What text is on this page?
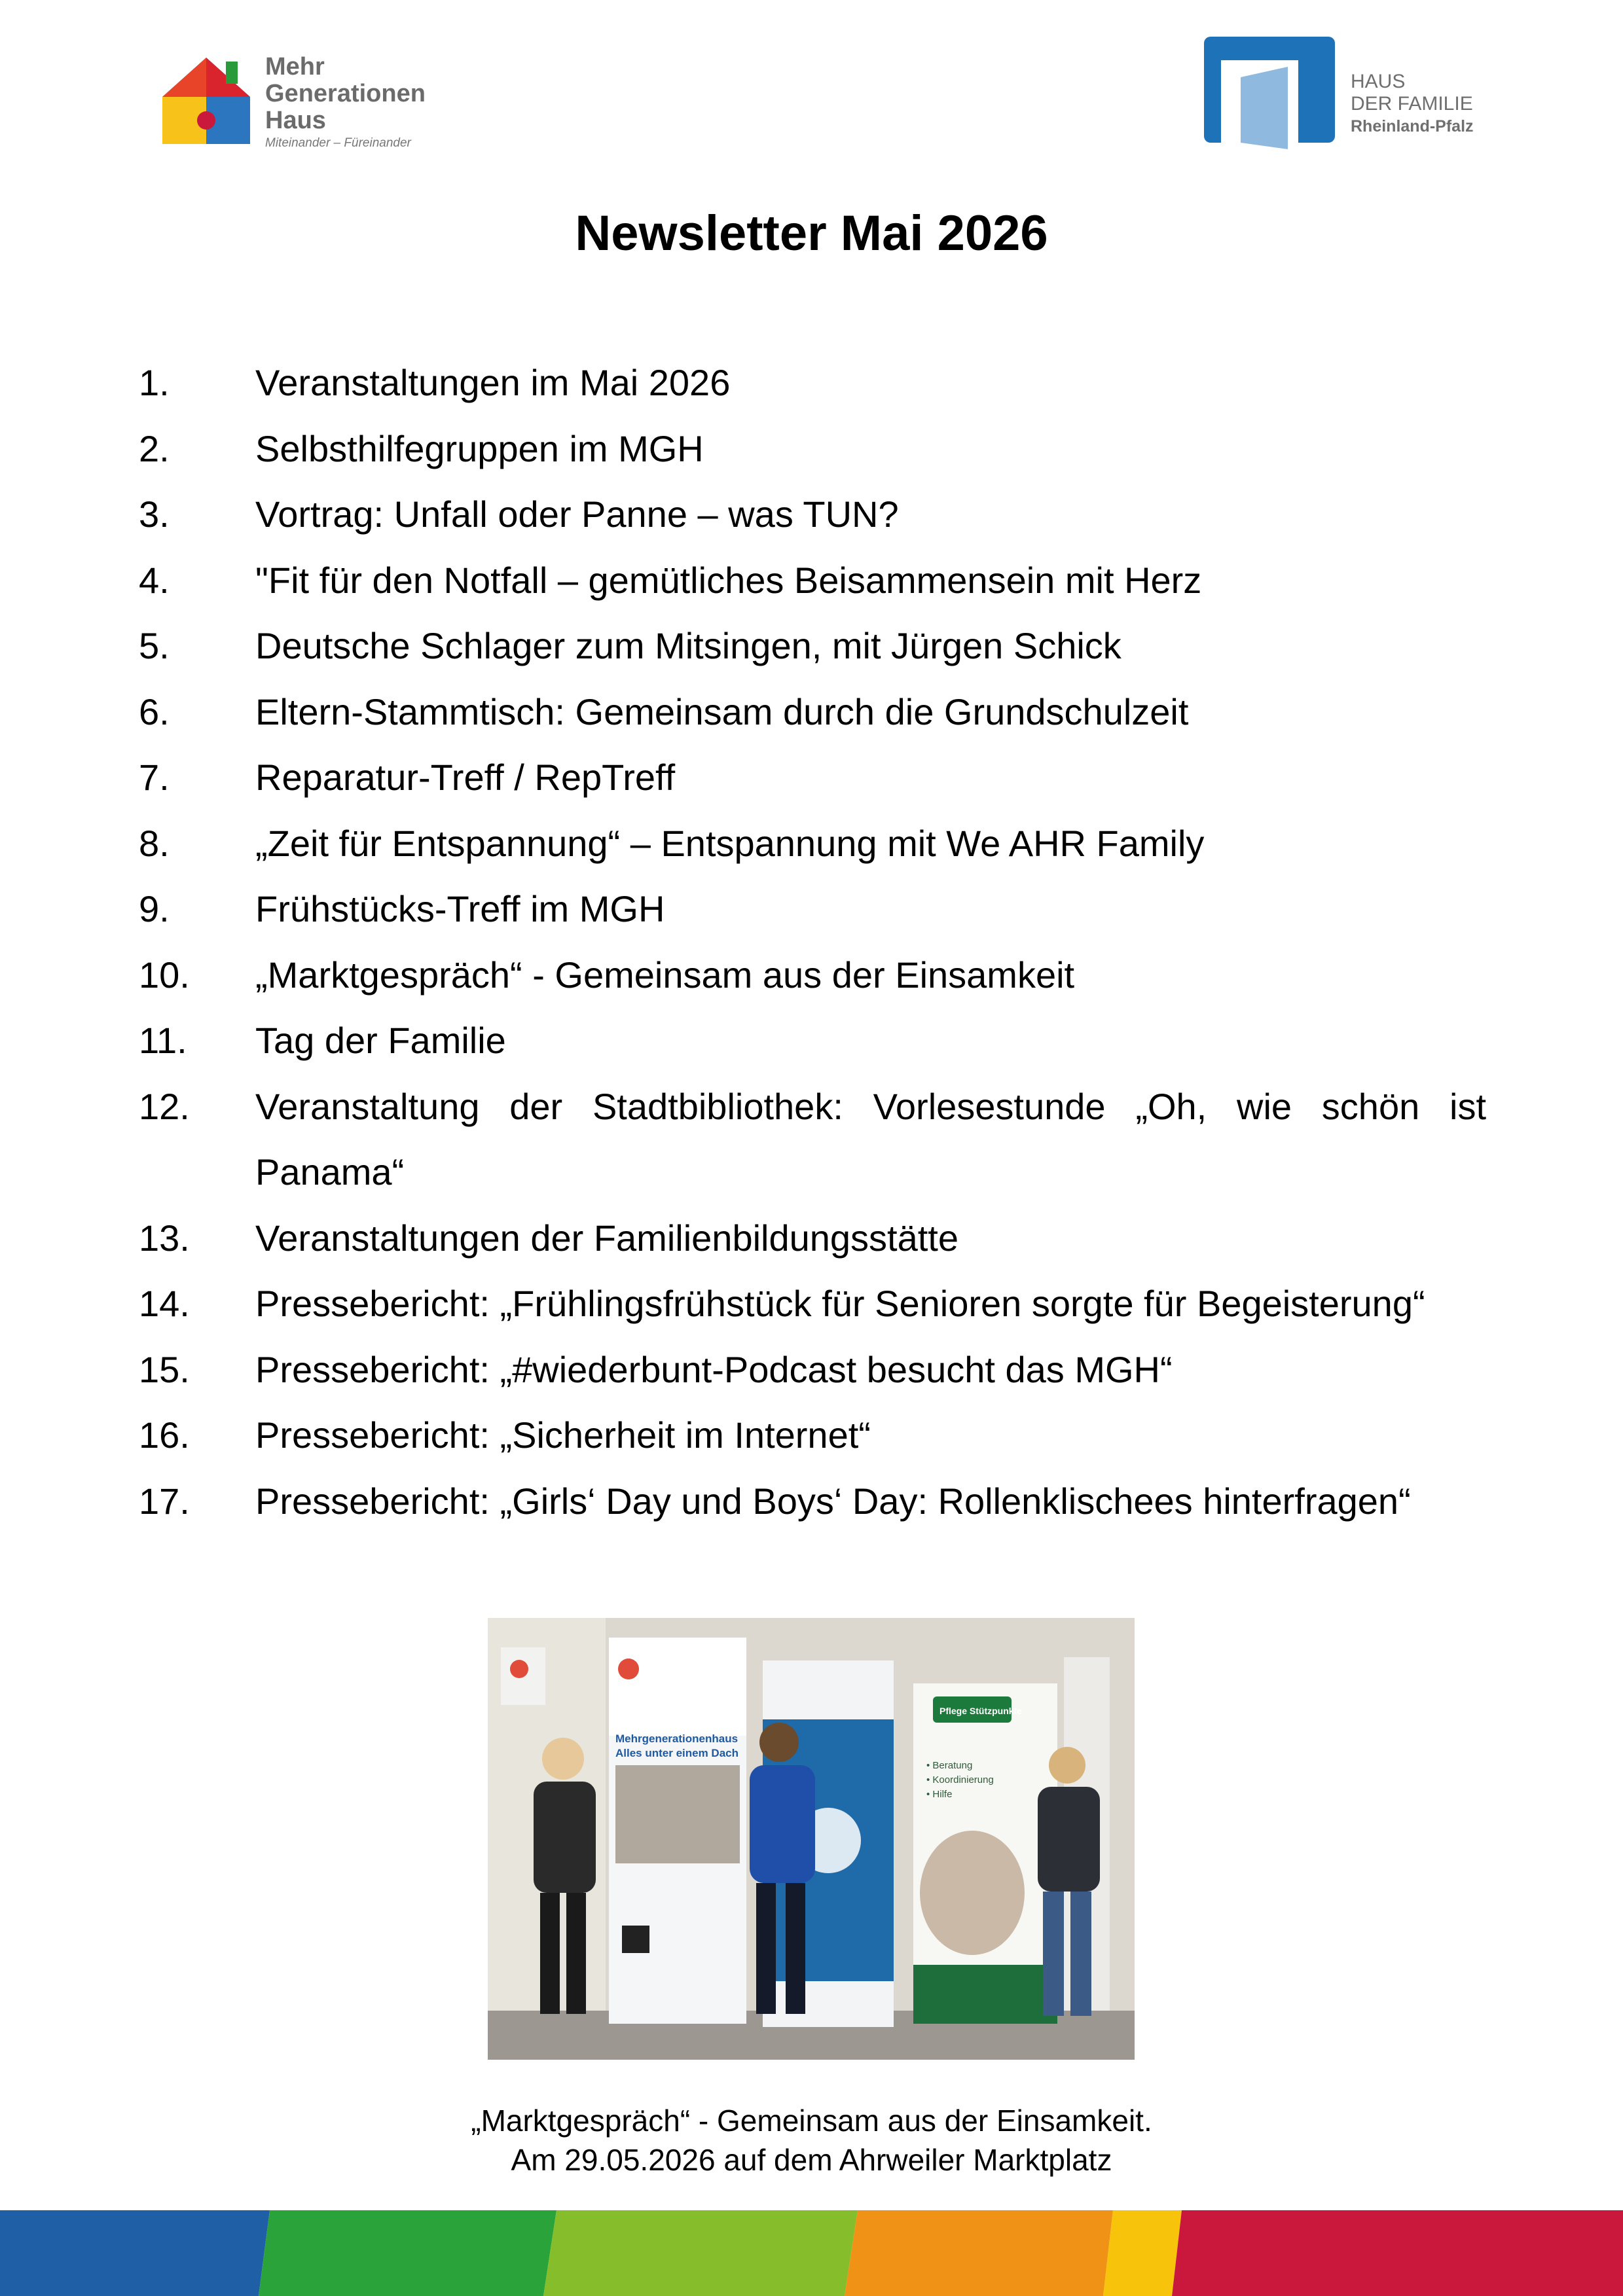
Mehr
Generationen
Haus
Miteinander – Füreinander
HAUS
DER FAMILIE
Rheinland-Pfalz
Newsletter Mai 2026
1. Veranstaltungen im Mai 2026
2. Selbsthilfegruppen im MGH
3. Vortrag: Unfall oder Panne – was TUN?
4. "Fit für den Notfall – gemütliches Beisammensein mit Herz
5. Deutsche Schlager zum Mitsingen, mit Jürgen Schick
6. Eltern-Stammtisch: Gemeinsam durch die Grundschulzeit
7. Reparatur-Treff / RepTreff
8. „Zeit für Entspannung“ – Entspannung mit We AHR Family
9. Frühstücks-Treff im MGH
10. „Marktgespräch“ - Gemeinsam aus der Einsamkeit
11. Tag der Familie
12. Veranstaltung der Stadtbibliothek: Vorlesestunde „Oh, wie schön ist Panama“
13. Veranstaltungen der Familienbildungsstätte
14. Pressebericht: „Frühlingsfrühstück für Senioren sorgte für Begeisterung“
15. Pressebericht: „#wiederbunt-Podcast besucht das MGH“
16. Pressebericht: „Sicherheit im Internet“
17. Pressebericht: „Girls‘ Day und Boys‘ Day: Rollenklischees hinterfragen“
Mehrgenerationenhaus
Alles unter einem Dach
Pflege Stützpunkte
• Beratung
• Koordinierung
• Hilfe
„Marktgespräch“ - Gemeinsam aus der Einsamkeit.
Am 29.05.2026 auf dem Ahrweiler Marktplatz
